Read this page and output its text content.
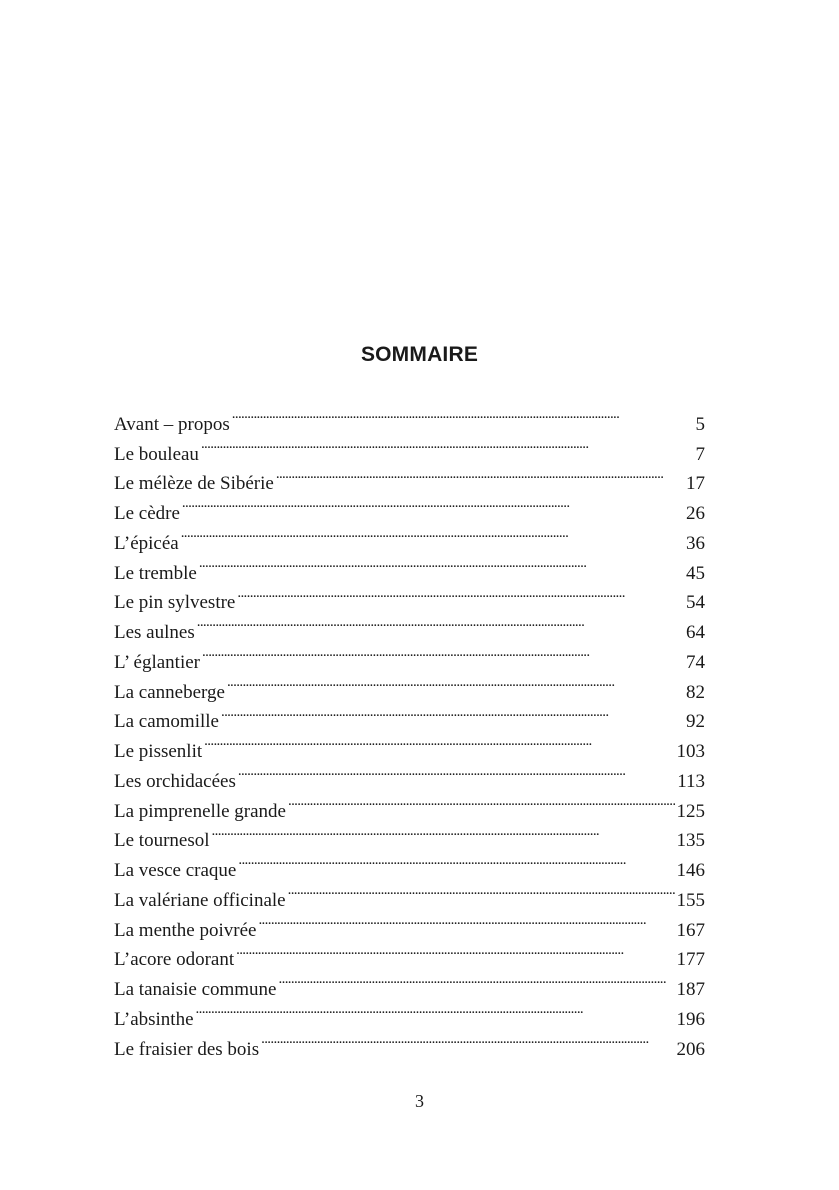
SOMMAIRE
Avant – propos . . .	5
Le bouleau . . .	7
Le mélèze de Sibérie . . .	17
Le cèdre . . .	26
L’épicéa . . .	36
Le tremble . . .	45
Le pin sylvestre . . .	54
Les aulnes . . .	64
L’ églantier . . .	74
La canneberge . . .	82
La camomille . . .	92
Le pissenlit . . .	103
Les orchidacées . . .	113
La pimprenelle grande . . .	125
Le tournesol . . .	135
La vesce craque . . .	146
La valériane officinale . . .	155
La menthe poivrée . . .	167
L’acore odorant . . .	177
La tanaisie commune . . .	187
L’absinthe . . .	196
Le fraisier des bois . . .	206
3
